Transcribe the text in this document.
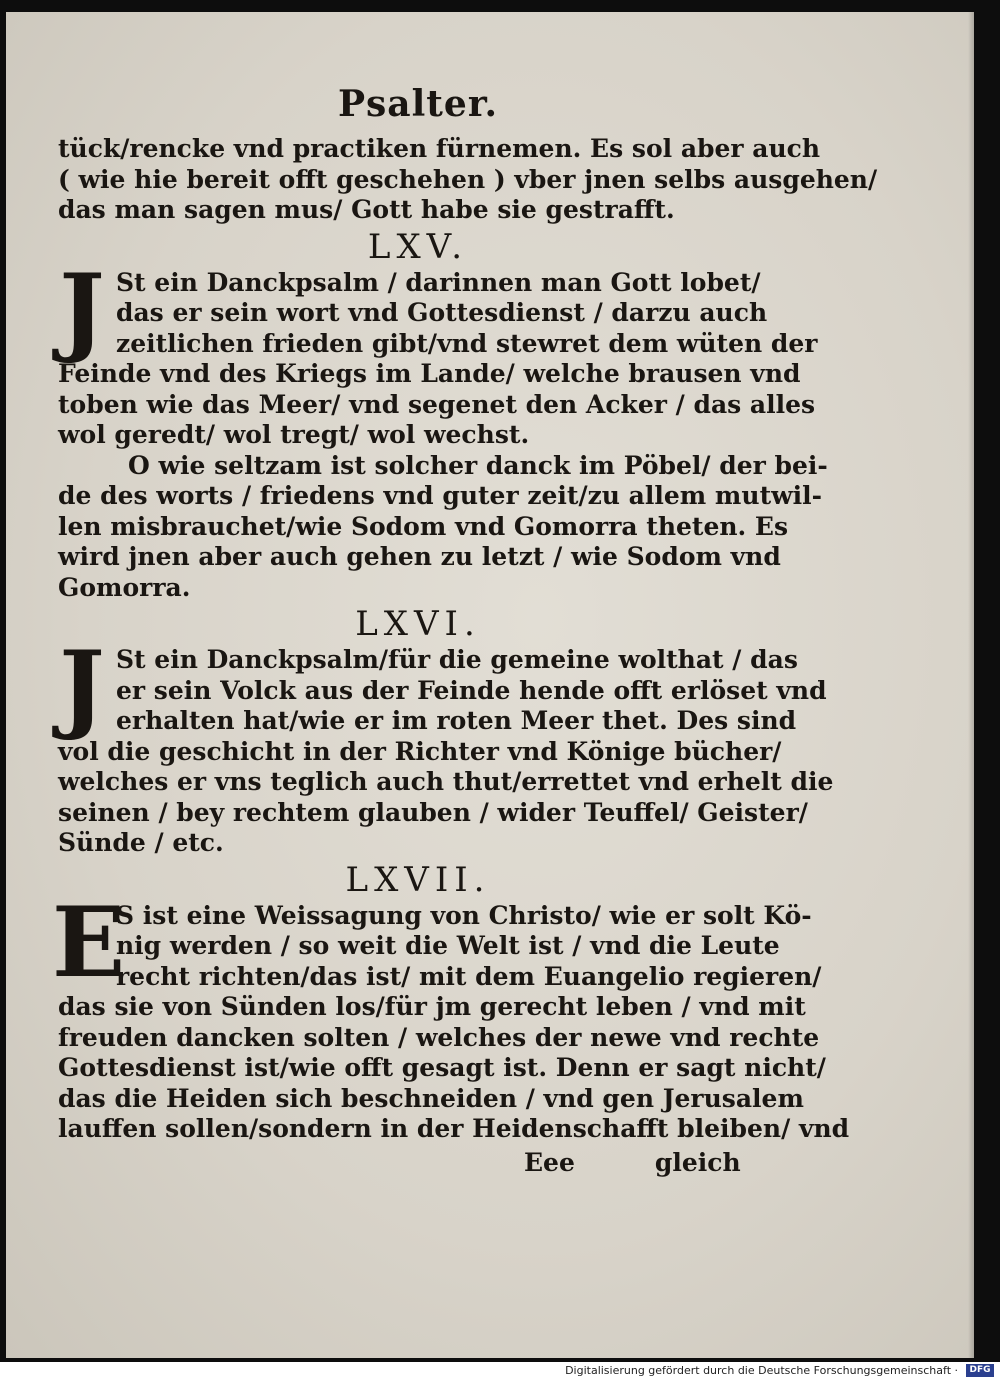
Psalter.
tück/rencke vnd practiken fürnemen. Es sol aber auch
( wie hie bereit offt geschehen ) vber jnen selbs ausgehen/
das man sagen mus/ Gott habe sie gestrafft.
LXV.
J St ein Danckpsalm / darinnen man Gott lobet/
das er sein wort vnd Gottesdienst / darzu auch
zeitlichen frieden gibt/vnd stewret dem wüten der
Feinde vnd des Kriegs im Lande/ welche brausen vnd
toben wie das Meer/ vnd segenet den Acker / das alles
wol geredt/ wol tregt/ wol wechst.
O wie seltzam ist solcher danck im Pöbel/ der bei-
de des worts / friedens vnd guter zeit/zu allem mutwil-
len misbrauchet/wie Sodom vnd Gomorra theten. Es
wird jnen aber auch gehen zu letzt / wie Sodom vnd
Gomorra.
LXVI.
J St ein Danckpsalm/für die gemeine wolthat / das
er sein Volck aus der Feinde hende offt erlöset vnd
erhalten hat/wie er im roten Meer thet. Des sind
vol die geschicht in der Richter vnd Könige bücher/
welches er vns teglich auch thut/errettet vnd erhelt die
seinen / bey rechtem glauben / wider Teuffel/ Geister/
Sünde / etc.
LXVII.
E
S ist eine Weissagung von Christo/ wie er solt Kö-
nig werden / so weit die Welt ist / vnd die Leute
recht richten/das ist/ mit dem Euangelio regieren/
das sie von Sünden los/für jm gerecht leben / vnd mit
freuden dancken solten / welches der newe vnd rechte
Gottesdienst ist/wie offt gesagt ist. Denn er sagt nicht/
das die Heiden sich beschneiden / vnd gen Jerusalem
lauffen sollen/sondern in der Heidenschafft bleiben/ vnd
Eee	gleich
Digitalisierung gefördert durch die Deutsche Forschungsgemeinschaft ·	DFG
